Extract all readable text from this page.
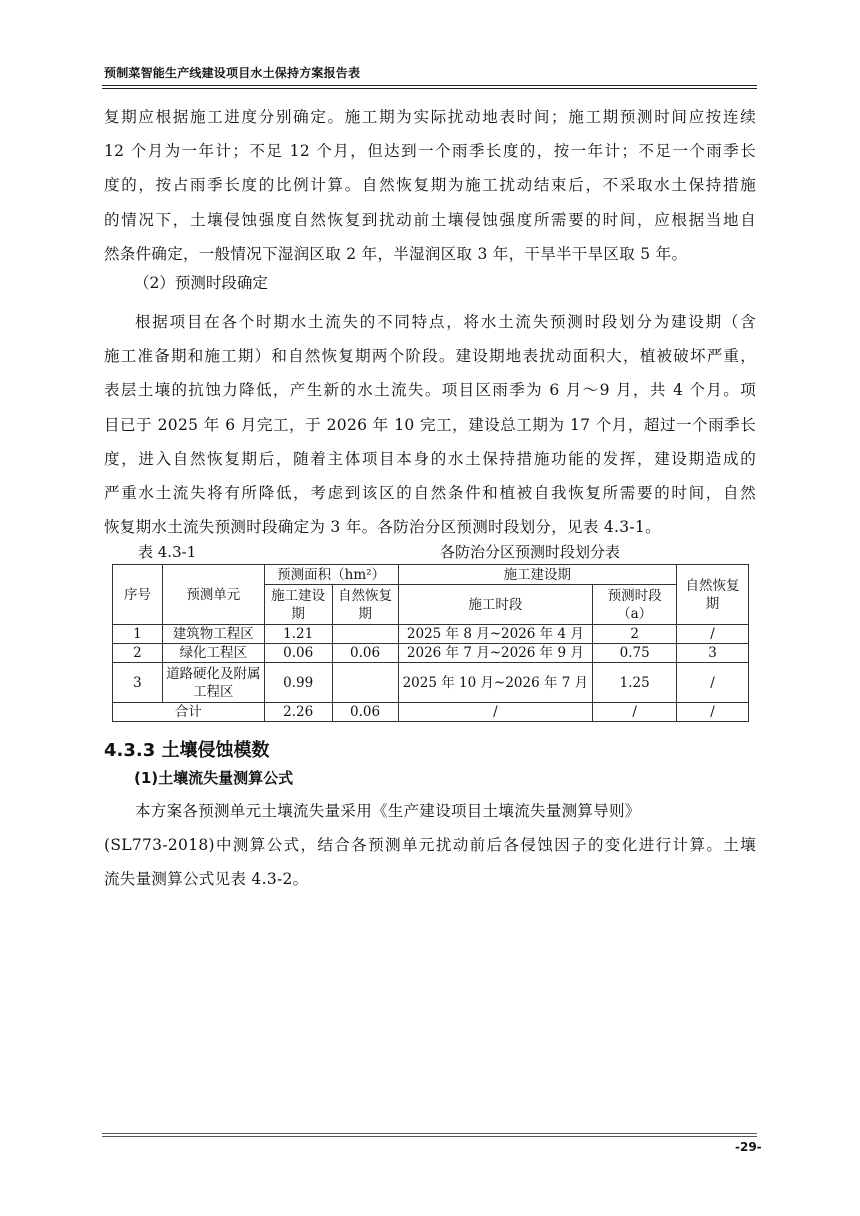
预制菜智能生产线建设项目水土保持方案报告表
复期应根据施工进度分别确定。施工期为实际扰动地表时间；施工期预测时间应按连续
12 个月为一年计；不足 12 个月，但达到一个雨季长度的，按一年计；不足一个雨季长
度的，按占雨季长度的比例计算。自然恢复期为施工扰动结束后，不采取水土保持措施
的情况下，土壤侵蚀强度自然恢复到扰动前土壤侵蚀强度所需要的时间，应根据当地自
然条件确定，一般情况下湿润区取 2 年，半湿润区取 3 年，干旱半干旱区取 5 年。
（2）预测时段确定
根据项目在各个时期水土流失的不同特点，将水土流失预测时段划分为建设期（含
施工准备期和施工期）和自然恢复期两个阶段。建设期地表扰动面积大，植被破坏严重，
表层土壤的抗蚀力降低，产生新的水土流失。项目区雨季为 6 月～9 月，共 4 个月。项
目已于 2025 年 6 月完工，于 2026 年 10 完工，建设总工期为 17 个月，超过一个雨季长
度，进入自然恢复期后，随着主体项目本身的水土保持措施功能的发挥，建设期造成的
严重水土流失将有所降低，考虑到该区的自然条件和植被自我恢复所需要的时间，自然
恢复期水土流失预测时段确定为 3 年。各防治分区预测时段划分，见表 4.3-1。
表 4.3-1	各防治分区预测时段划分表
序号	预测单元	预测面积（hm²）		施工建设期		自然恢复期
		施工建设期	自然恢复期	施工时段	预测时段（a）	

1	建筑物工程区	1.21		2025 年 8 月~2026 年 4 月	2	/
2	绿化工程区	0.06	0.06	2026 年 7 月~2026 年 9 月	0.75	3
3	道路硬化及附属工程区	0.99		2025 年 10 月~2026 年 7 月	1.25	/
合计		2.26	0.06	/	/	/
4.3.3 土壤侵蚀模数
(1)土壤流失量测算公式
本方案各预测单元土壤流失量采用《生产建设项目土壤流失量测算导则》
(SL773-2018)中测算公式，结合各预测单元扰动前后各侵蚀因子的变化进行计算。土壤
流失量测算公式见表 4.3-2。
-29-
